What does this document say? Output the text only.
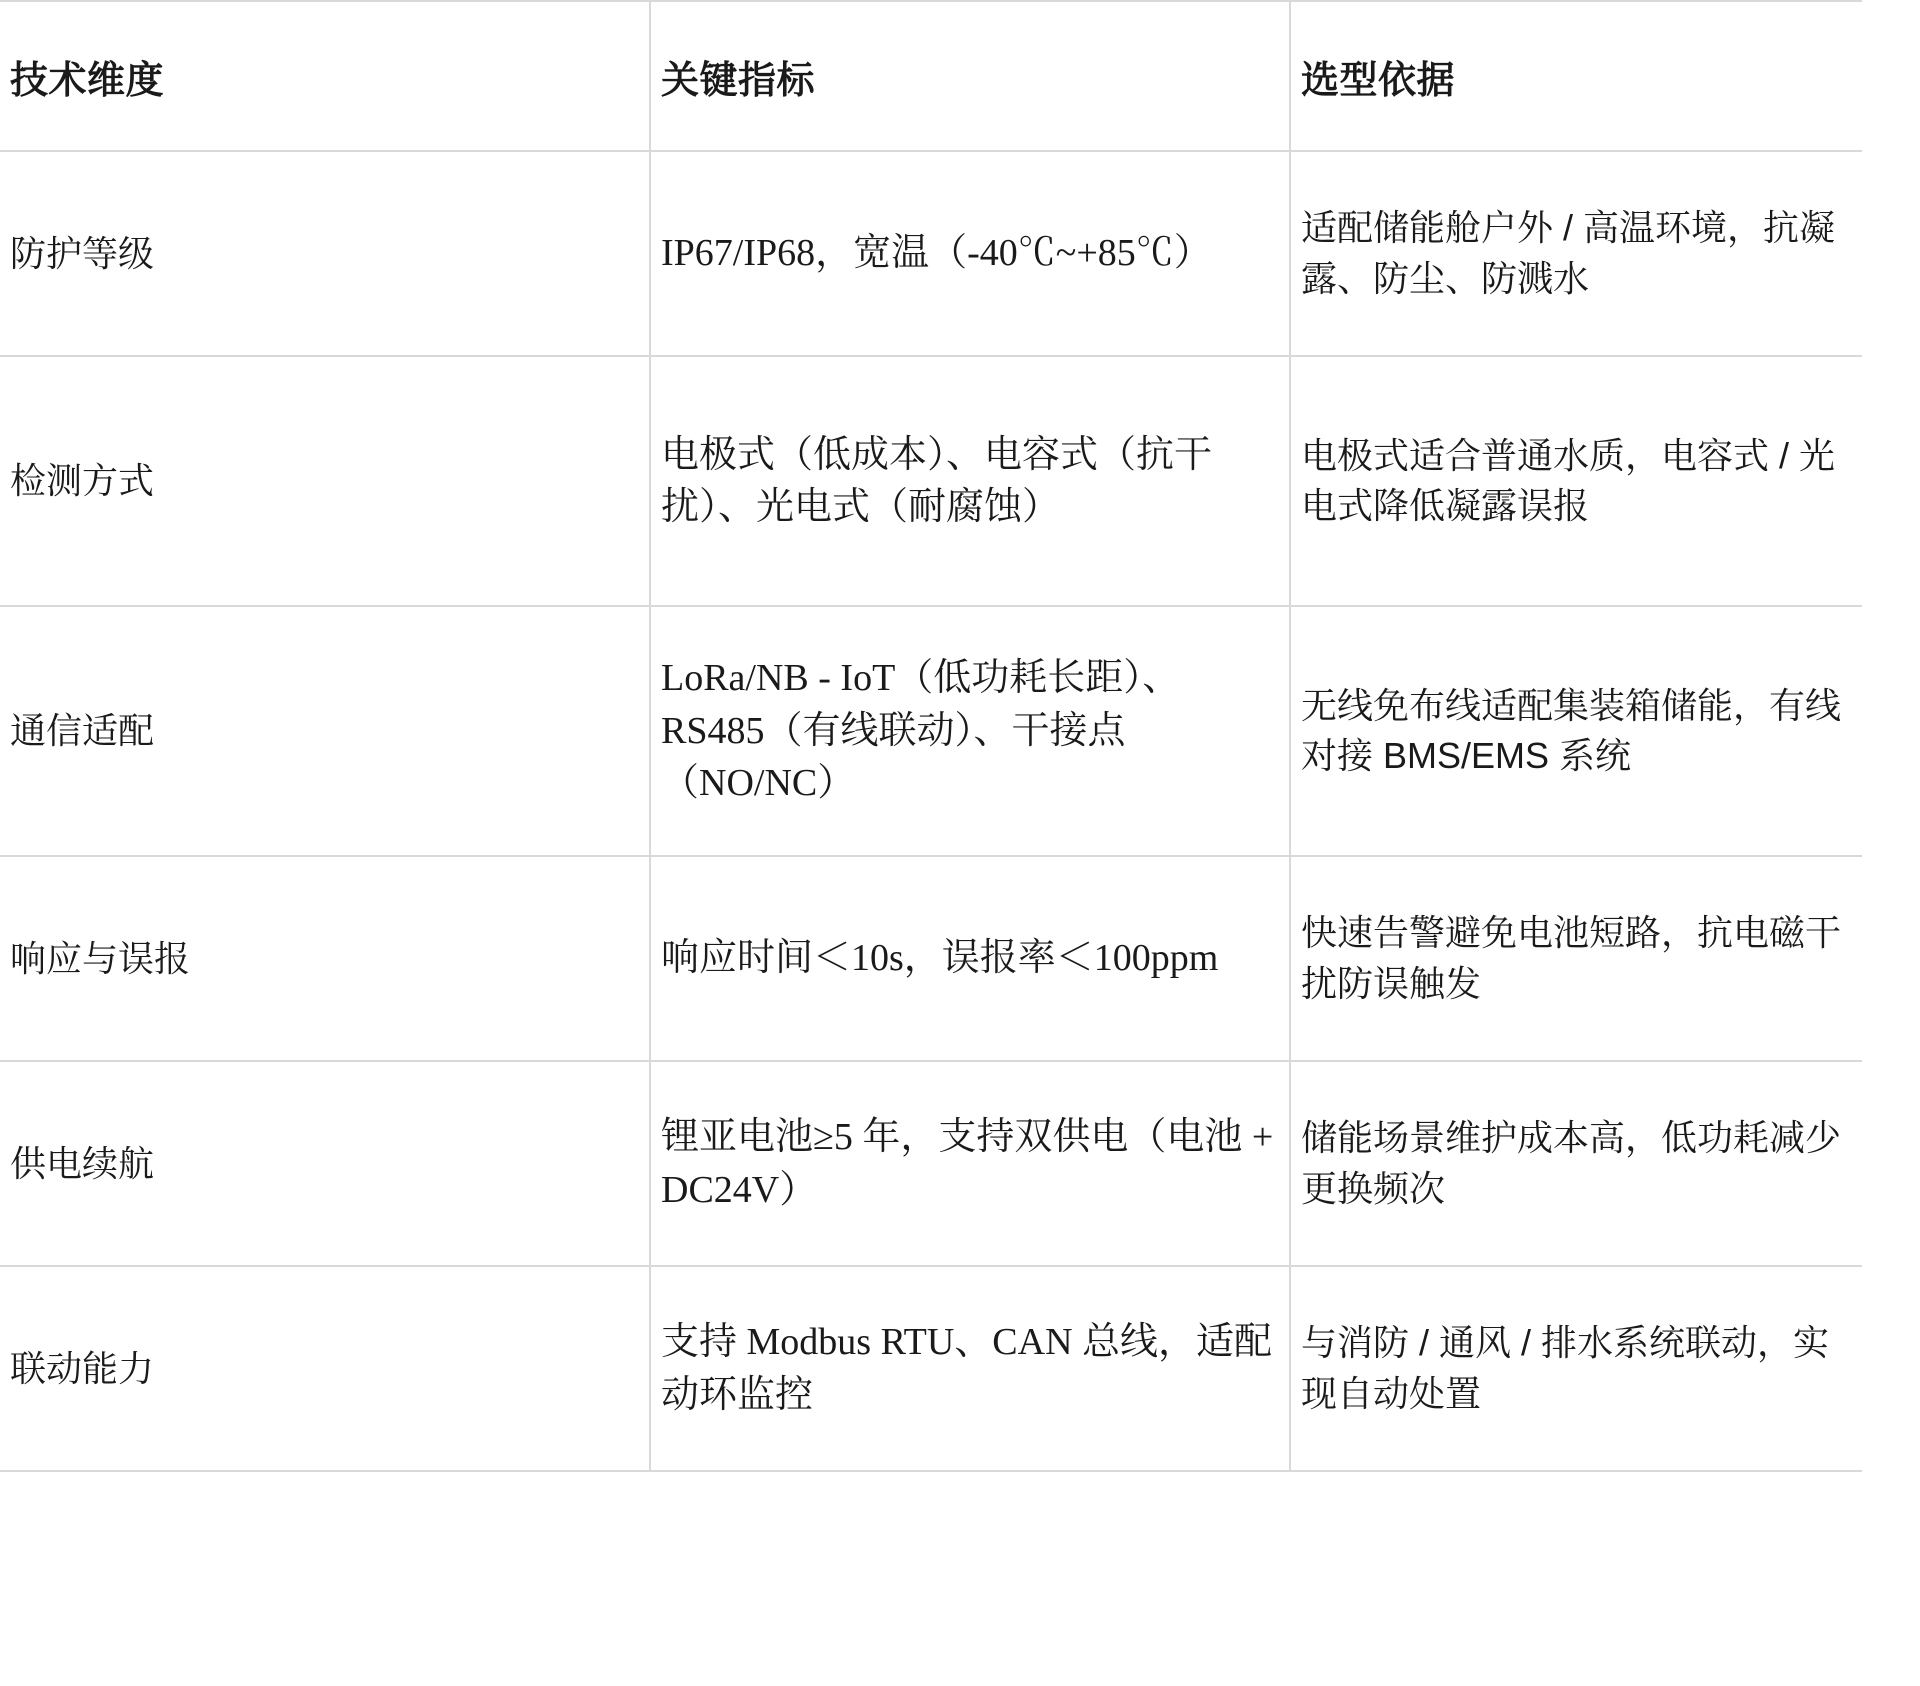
技术维度	关键指标	选型依据
防护等级	IP67/IP68，宽温（-40℃~+85℃）	适配储能舱户外 / 高温环境，抗凝露、防尘、防溅水
检测方式	电极式（低成本）、电容式（抗干扰）、光电式（耐腐蚀）	电极式适合普通水质，电容式 / 光电式降低凝露误报
通信适配	LoRa/NB - IoT（低功耗长距）、RS485（有线联动）、干接点（NO/NC）	无线免布线适配集装箱储能，有线对接 BMS/EMS 系统
响应与误报	响应时间＜10s，误报率＜100ppm	快速告警避免电池短路，抗电磁干扰防误触发
供电续航	锂亚电池≥5 年，支持双供电（电池 + DC24V）	储能场景维护成本高，低功耗减少更换频次
联动能力	支持 Modbus RTU、CAN 总线，适配动环监控	与消防 / 通风 / 排水系统联动，实现自动处置
